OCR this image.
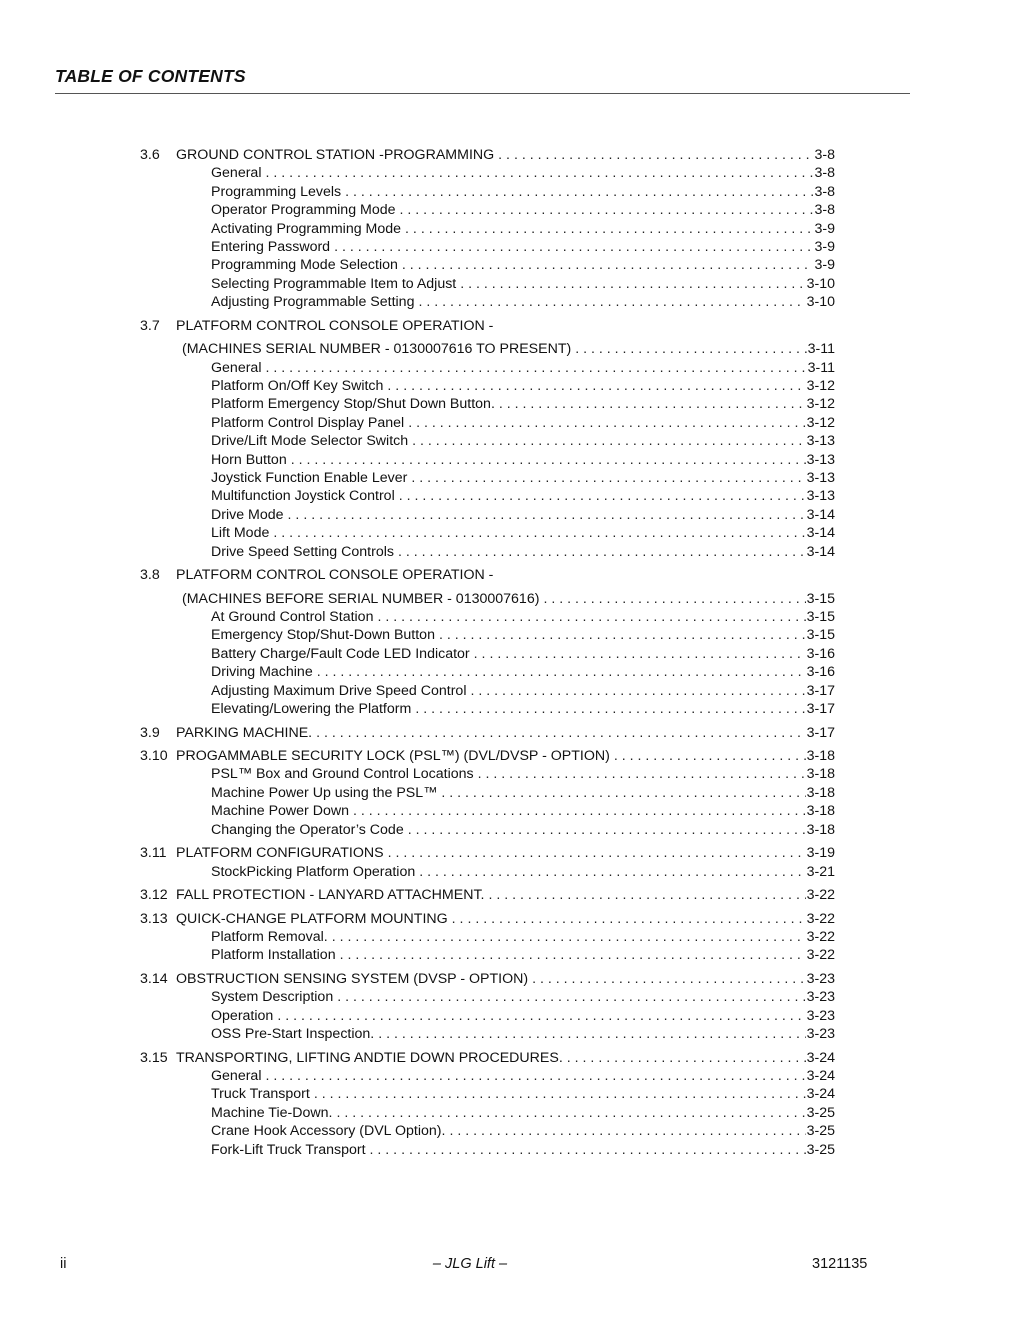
TABLE OF CONTENTS
3.6	GROUND CONTROL STATION -PROGRAMMING . . .	3-8
General . . .	3-8
Programming Levels . . .	3-8
Operator Programming Mode . . .	3-8
Activating Programming Mode . . .	3-9
Entering Password . . .	3-9
Programming Mode Selection . . .	3-9
Selecting Programmable Item to Adjust . . .	3-10
Adjusting Programmable Setting . . .	3-10
3.7	PLATFORM CONTROL CONSOLE OPERATION -
(MACHINES SERIAL NUMBER - 0130007616 TO PRESENT) . . .	3-11
General . . .	3-11
Platform On/Off Key Switch . . .	3-12
Platform Emergency Stop/Shut Down Button. . . .	3-12
Platform Control Display Panel . . .	3-12
Drive/Lift Mode Selector Switch . . .	3-13
Horn Button . . .	3-13
Joystick Function Enable Lever . . .	3-13
Multifunction Joystick Control . . .	3-13
Drive Mode . . .	3-14
Lift Mode . . .	3-14
Drive Speed Setting Controls . . .	3-14
3.8	PLATFORM CONTROL CONSOLE OPERATION -
(MACHINES BEFORE SERIAL NUMBER - 0130007616) . . .	3-15
At Ground Control Station . . .	3-15
Emergency Stop/Shut-Down Button . . .	3-15
Battery Charge/Fault Code LED Indicator . . .	3-16
Driving Machine . . .	3-16
Adjusting Maximum Drive Speed Control . . .	3-17
Elevating/Lowering the Platform . . .	3-17
3.9	PARKING MACHINE. . . .	3-17
3.10 PROGAMMABLE SECURITY LOCK (PSL™) (DVL/DVSP - OPTION) . . .	3-18
PSL™ Box and Ground Control Locations . . .	3-18
Machine Power Up using the PSL™ . . .	3-18
Machine Power Down . . .	3-18
Changing the Operator’s Code . . .	3-18
3.11 PLATFORM CONFIGURATIONS . . .	3-19
StockPicking Platform Operation . . .	3-21
3.12 FALL PROTECTION - LANYARD ATTACHMENT. . . .	3-22
3.13 QUICK-CHANGE PLATFORM MOUNTING . . .	3-22
Platform Removal. . . .	3-22
Platform Installation . . .	3-22
3.14 OBSTRUCTION SENSING SYSTEM (DVSP - OPTION) . . .	3-23
System Description . . .	3-23
Operation . . .	3-23
OSS Pre-Start Inspection. . . .	3-23
3.15 TRANSPORTING, LIFTING ANDTIE DOWN PROCEDURES. . . .	3-24
General . . .	3-24
Truck Transport . . .	3-24
Machine Tie-Down. . . .	3-25
Crane Hook Accessory (DVL Option). . . .	3-25
Fork-Lift Truck Transport . . .	3-25
ii	– JLG Lift –	3121135
